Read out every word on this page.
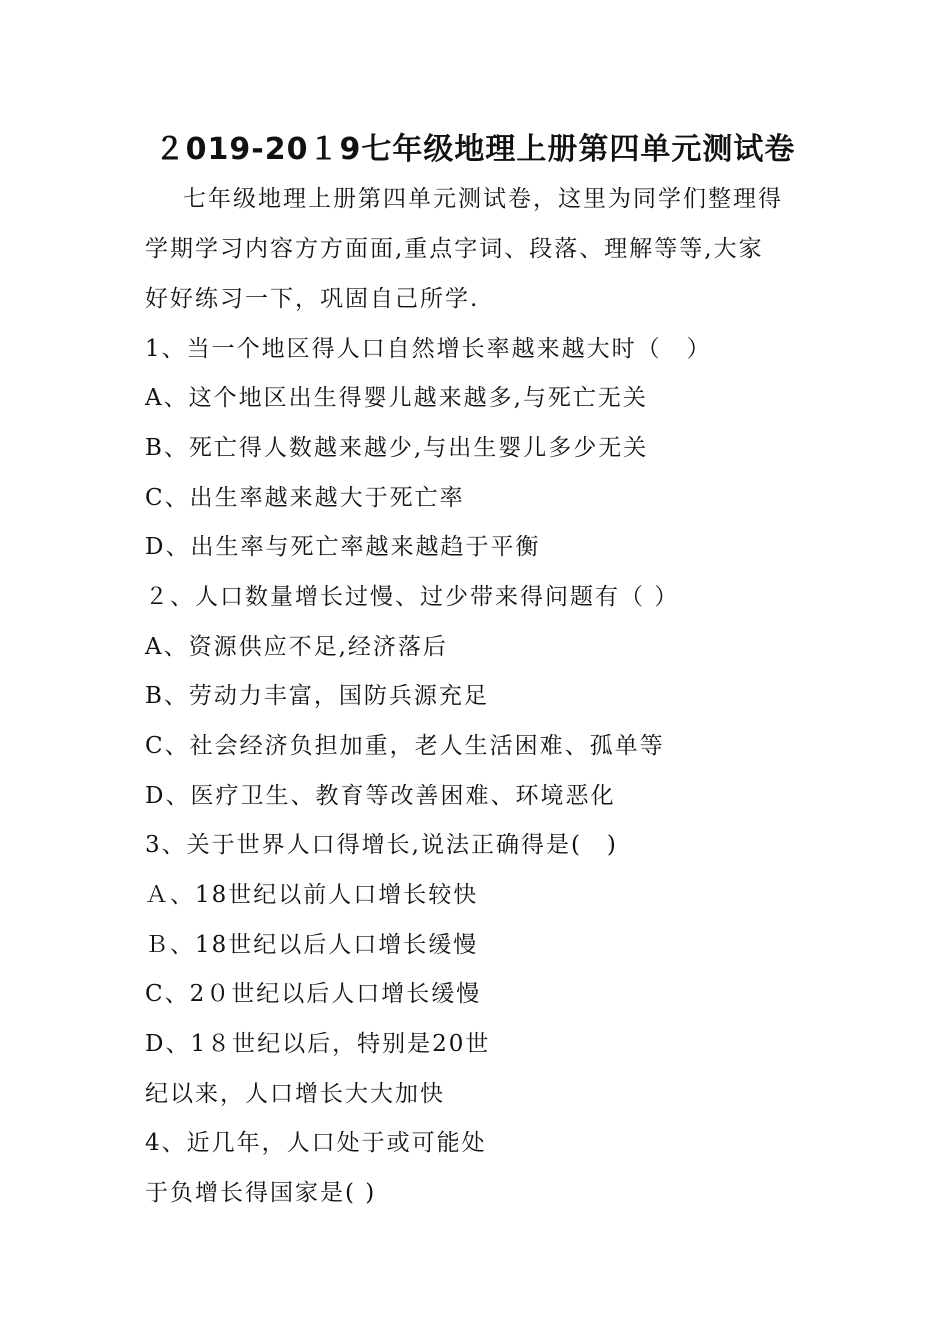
２019-20１9七年级地理上册第四单元测试卷
七年级地理上册第四单元测试卷，这里为同学们整理得
学期学习内容方方面面,重点字词、段落、理解等等,大家
好好练习一下，巩固自己所学.
1、当一个地区得人口自然增长率越来越大时（　）
A、这个地区出生得婴儿越来越多,与死亡无关
B、死亡得人数越来越少,与出生婴儿多少无关
C、出生率越来越大于死亡率
D、出生率与死亡率越来越趋于平衡
２、人口数量增长过慢、过少带来得问题有（ ）
A、资源供应不足,经济落后
B、劳动力丰富，国防兵源充足
C、社会经济负担加重，老人生活困难、孤单等
D、医疗卫生、教育等改善困难、环境恶化
3、关于世界人口得增长,说法正确得是(　)
Ａ、18世纪以前人口增长较快
Ｂ、18世纪以后人口增长缓慢
C、2０世纪以后人口增长缓慢
D、1８世纪以后，特别是20世
纪以来，人口增长大大加快
4、近几年，人口处于或可能处
于负增长得国家是( )
